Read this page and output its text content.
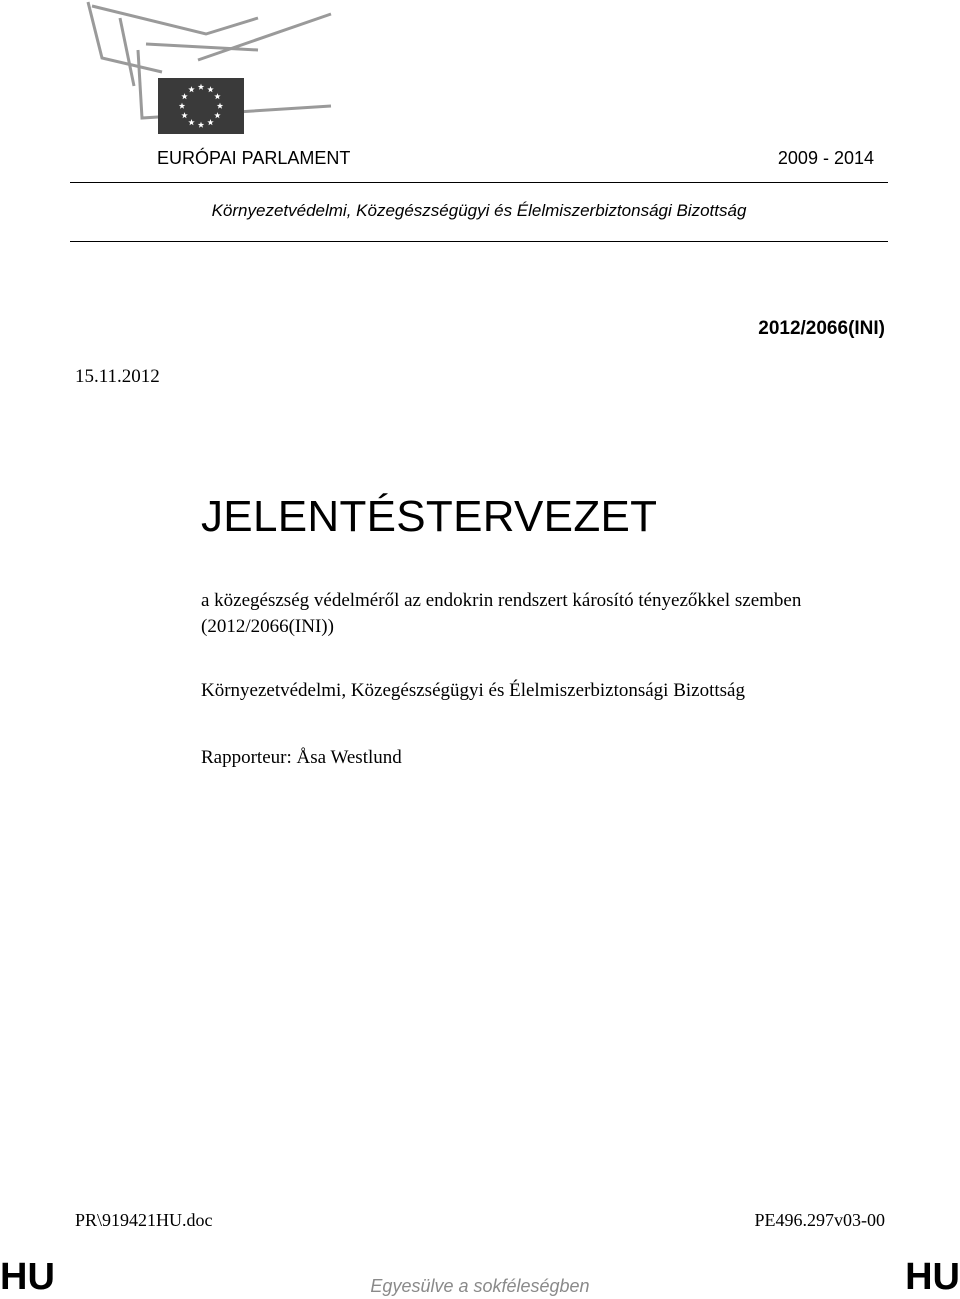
EURÓPAI PARLAMENT	2009 - 2014
Környezetvédelmi, Közegészségügyi és Élelmiszerbiztonsági Bizottság
2012/2066(INI)
15.11.2012
JELENTÉSTERVEZET
a közegészség védelméről az endokrin rendszert károsító tényezőkkel szemben
(2012/2066(INI))
Környezetvédelmi, Közegészségügyi és Élelmiszerbiztonsági Bizottság
Rapporteur: Åsa Westlund
PR\919421HU.doc	PE496.297v03-00
HU	Egyesülve a sokféleségben	HU
